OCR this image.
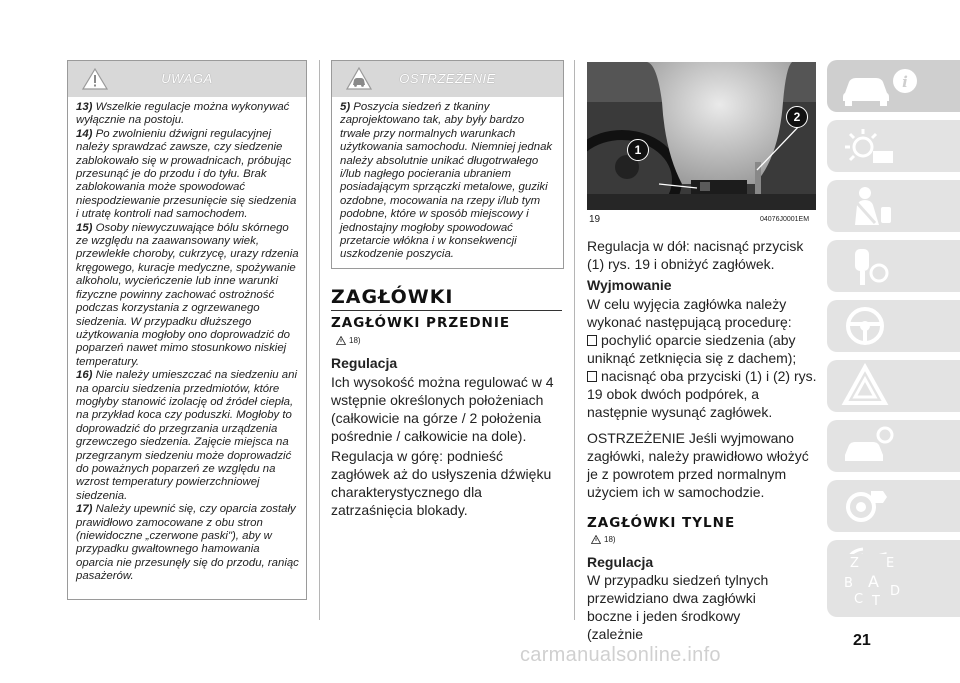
UWAGA

13) Wszelkie regulacje można wykonywać wyłącznie na postoju.

14) Po zwolnieniu dźwigni regulacyjnej należy sprawdzać zawsze, czy siedzenie zablokowało się w prowadnicach, próbując przesunąć je do przodu i do tyłu. Brak zablokowania może spowodować niespodziewanie przesunięcie się siedzenia i utratę kontroli nad samochodem.

15) Osoby niewyczuwające bólu skórnego ze względu na zaawansowany wiek, przewlekłe choroby, cukrzycę, urazy rdzenia kręgowego, kuracje medyczne, spożywanie alkoholu, wycieńczenie lub inne warunki fizyczne powinny zachować ostrożność podczas korzystania z ogrzewanego siedzenia. W przypadku dłuższego użytkowania mogłoby ono doprowadzić do poparzeń nawet mimo stosunkowo niskiej temperatury.

16) Nie należy umieszczać na siedzeniu ani na oparciu siedzenia przedmiotów, które mogłyby stanowić izolację od źródeł ciepła, na przykład koca czy poduszki. Mogłoby to doprowadzić do przegrzania urządzenia grzewczego siedzenia. Zajęcie miejsca na przegrzanym siedzeniu może doprowadzić do poważnych poparzeń ze względu na wzrost temperatury powierzchniowej siedzenia.

17) Należy upewnić się, czy oparcia zostały prawidłowo zamocowane z obu stron (niewidoczne „czerwone paski"), aby w przypadku gwałtownego hamowania oparcia nie przesunęły się do przodu, raniąc pasażerów.

OSTRZEŻENIE

5) Poszycia siedzeń z tkaniny zaprojektowano tak, aby były bardzo trwałe przy normalnych warunkach użytkowania samochodu. Niemniej jednak należy absolutnie unikać długotrwałego i/lub nagłego pocierania ubraniem posiadającym sprzączki metalowe, guziki ozdobne, mocowania na rzepy i/lub tym podobne, które w sposób miejscowy i jednostajny mogłoby spowodować przetarcie włókna i w konsekwencji uszkodzenie poszycia.

ZAGŁÓWKI
ZAGŁÓWKI PRZEDNIE
18)
Regulacja

Ich wysokość można regulować w 4 wstępnie określonych położeniach (całkowicie na górze / 2 położenia pośrednie / całkowicie na dole).

Regulacja w górę: podnieść zagłówek aż do usłyszenia dźwięku charakterystycznego dla zatrzaśnięcia blokady.

1
2
19	04076J0001EM

Regulacja w dół: nacisnąć przycisk (1) rys. 19 i obniżyć zagłówek.

Wyjmowanie

W celu wyjęcia zagłówka należy wykonać następującą procedurę:

pochylić oparcie siedzenia (aby uniknąć zetknięcia się z dachem);

nacisnąć oba przyciski (1) i (2) rys. 19 obok dwóch podpórek, a następnie wysunąć zagłówek.

OSTRZEŻENIE Jeśli wyjmowano zagłówki, należy prawidłowo włożyć je z powrotem przed normalnym użyciem ich w samochodzie.

ZAGŁÓWKI TYLNE
18)
Regulacja

W przypadku siedzeń tylnych przewidziano dwa zagłówki boczne i jeden środkowy (zależnie

i
Z E
B A
C T
D
21
carmanualsonline.info
